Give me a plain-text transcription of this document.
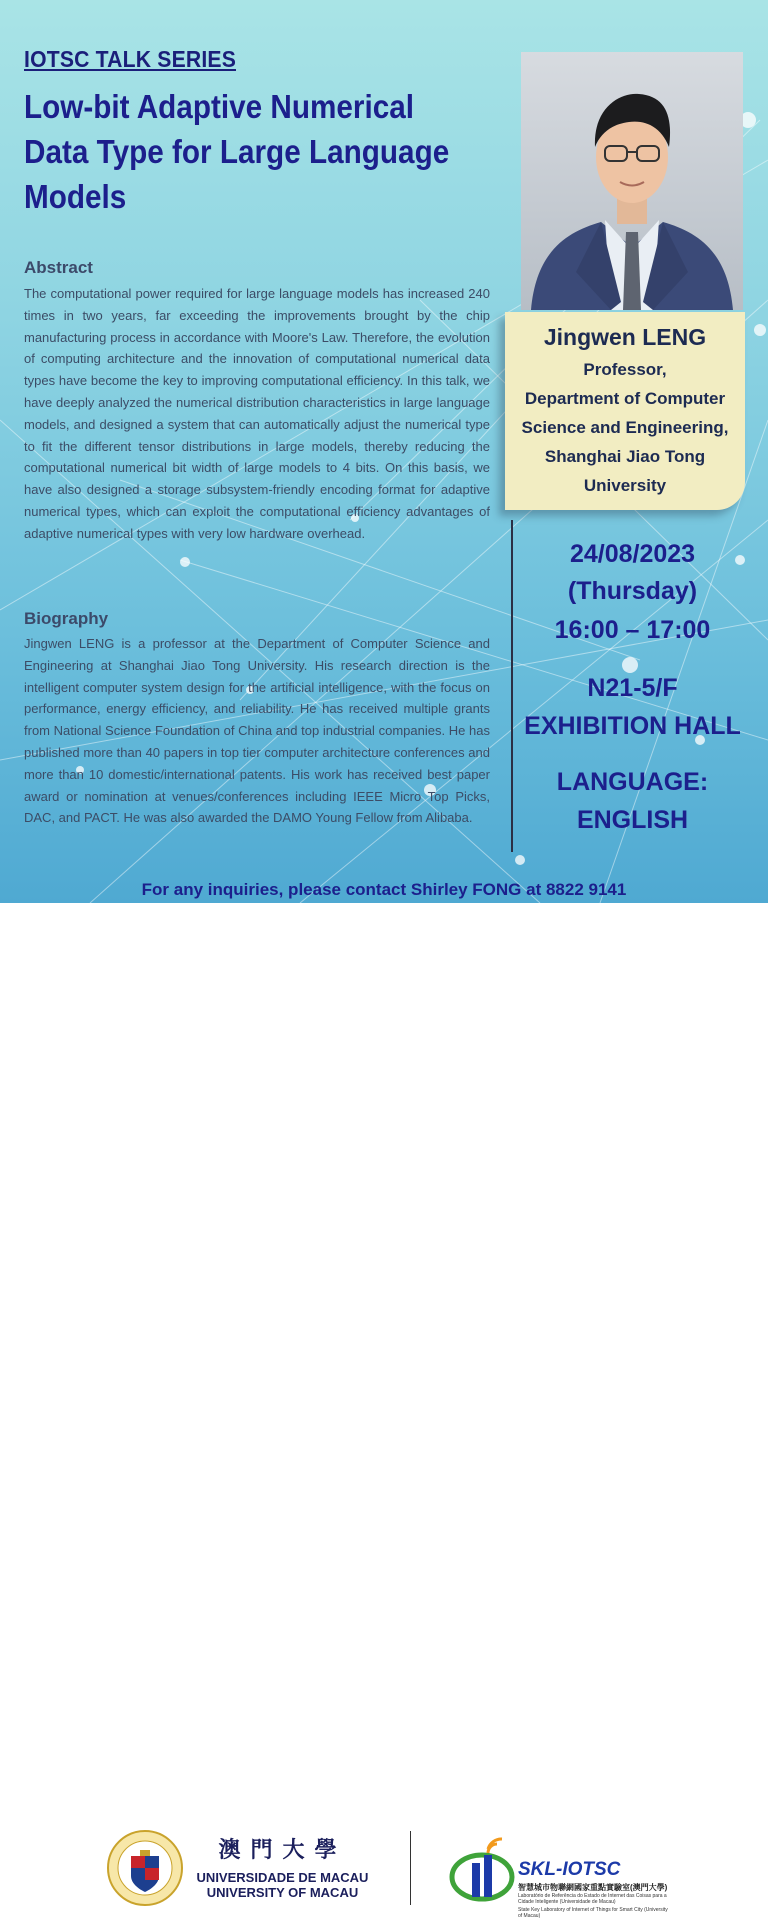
IOTSC TALK SERIES
Low-bit Adaptive Numerical Data Type for Large Language Models
Abstract
The computational power required for large language models has increased 240 times in two years, far exceeding the improvements brought by the chip manufacturing process in accordance with Moore's Law. Therefore, the evolution of computing architecture and the innovation of computational numerical data types have become the key to improving computational efficiency. In this talk, we have deeply analyzed the numerical distribution characteristics in large language models, and designed a system that can automatically adjust the numerical type to fit the different tensor distributions in large models, thereby reducing the computational numerical bit width of large models to 4 bits. On this basis, we have also designed a storage subsystem-friendly encoding format for adaptive numerical types, which can exploit the computational efficiency advantages of adaptive numerical types with very low hardware overhead.
Biography
Jingwen LENG is a professor at the Department of Computer Science and Engineering at Shanghai Jiao Tong University. His research direction is the intelligent computer system design for the artificial intelligence, with the focus on performance, energy efficiency, and reliability. He has received multiple grants from National Science Foundation of China and top industrial companies. He has published more than 40 papers in top tier computer architecture conferences and more than 10 domestic/international patents. His work has received best paper award or nomination at venues/conferences including IEEE Micro Top Picks, DAC, and PACT. He was also awarded the DAMO Young Fellow from Alibaba.
Jingwen LENG
Professor,
Department of Computer
Science and Engineering,
Shanghai Jiao Tong
University
24/08/2023
(Thursday)
16:00 – 17:00
N21-5/F
EXHIBITION HALL
LANGUAGE:
ENGLISH
For any inquiries, please contact Shirley FONG at 8822 9141
澳門大學
UNIVERSIDADE DE MACAU
UNIVERSITY OF MACAU
SKL-IOTSC
智慧城市物聯網國家重點實驗室(澳門大學)
Laboratório de Referência do Estado de Internet das Coisas para a Cidade Inteligente (Universidade de Macau)
State Key Laboratory of Internet of Things for Smart City (University of Macau)
